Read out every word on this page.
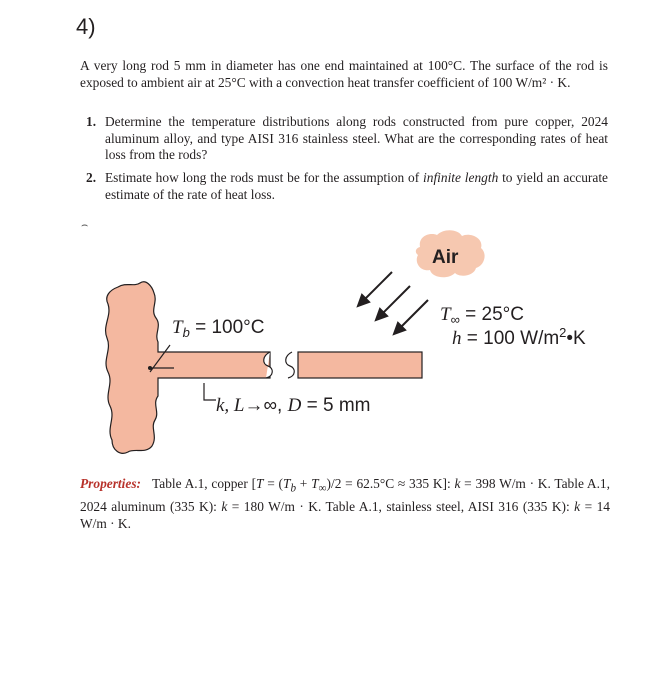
4)
A very long rod 5 mm in diameter has one end maintained at 100°C. The surface of the rod is exposed to ambient air at 25°C with a convection heat transfer coefficient of 100 W/m² · K.
1. Determine the temperature distributions along rods constructed from pure copper, 2024 aluminum alloy, and type AISI 316 stainless steel. What are the corresponding rates of heat loss from the rods?
2. Estimate how long the rods must be for the assumption of infinite length to yield an accurate estimate of the rate of heat loss.
⌢
Air
$T_b = 100^\circ C$
$T_\infty = 25^\circ C$
h = 100 $W/m^2•K$
k, L→∞, D = 5 mm
Properties: Table A.1, copper [$T = (T_b + T_\infty)/2 = 62.5^\circ C \approx 335$ K]: k = 398 W/m · K. Table A.1, 2024 aluminum (335 K): k = 180 W/m · K. Table A.1, stainless steel, AISI 316 (335 K): k = 14 W/m · K.
